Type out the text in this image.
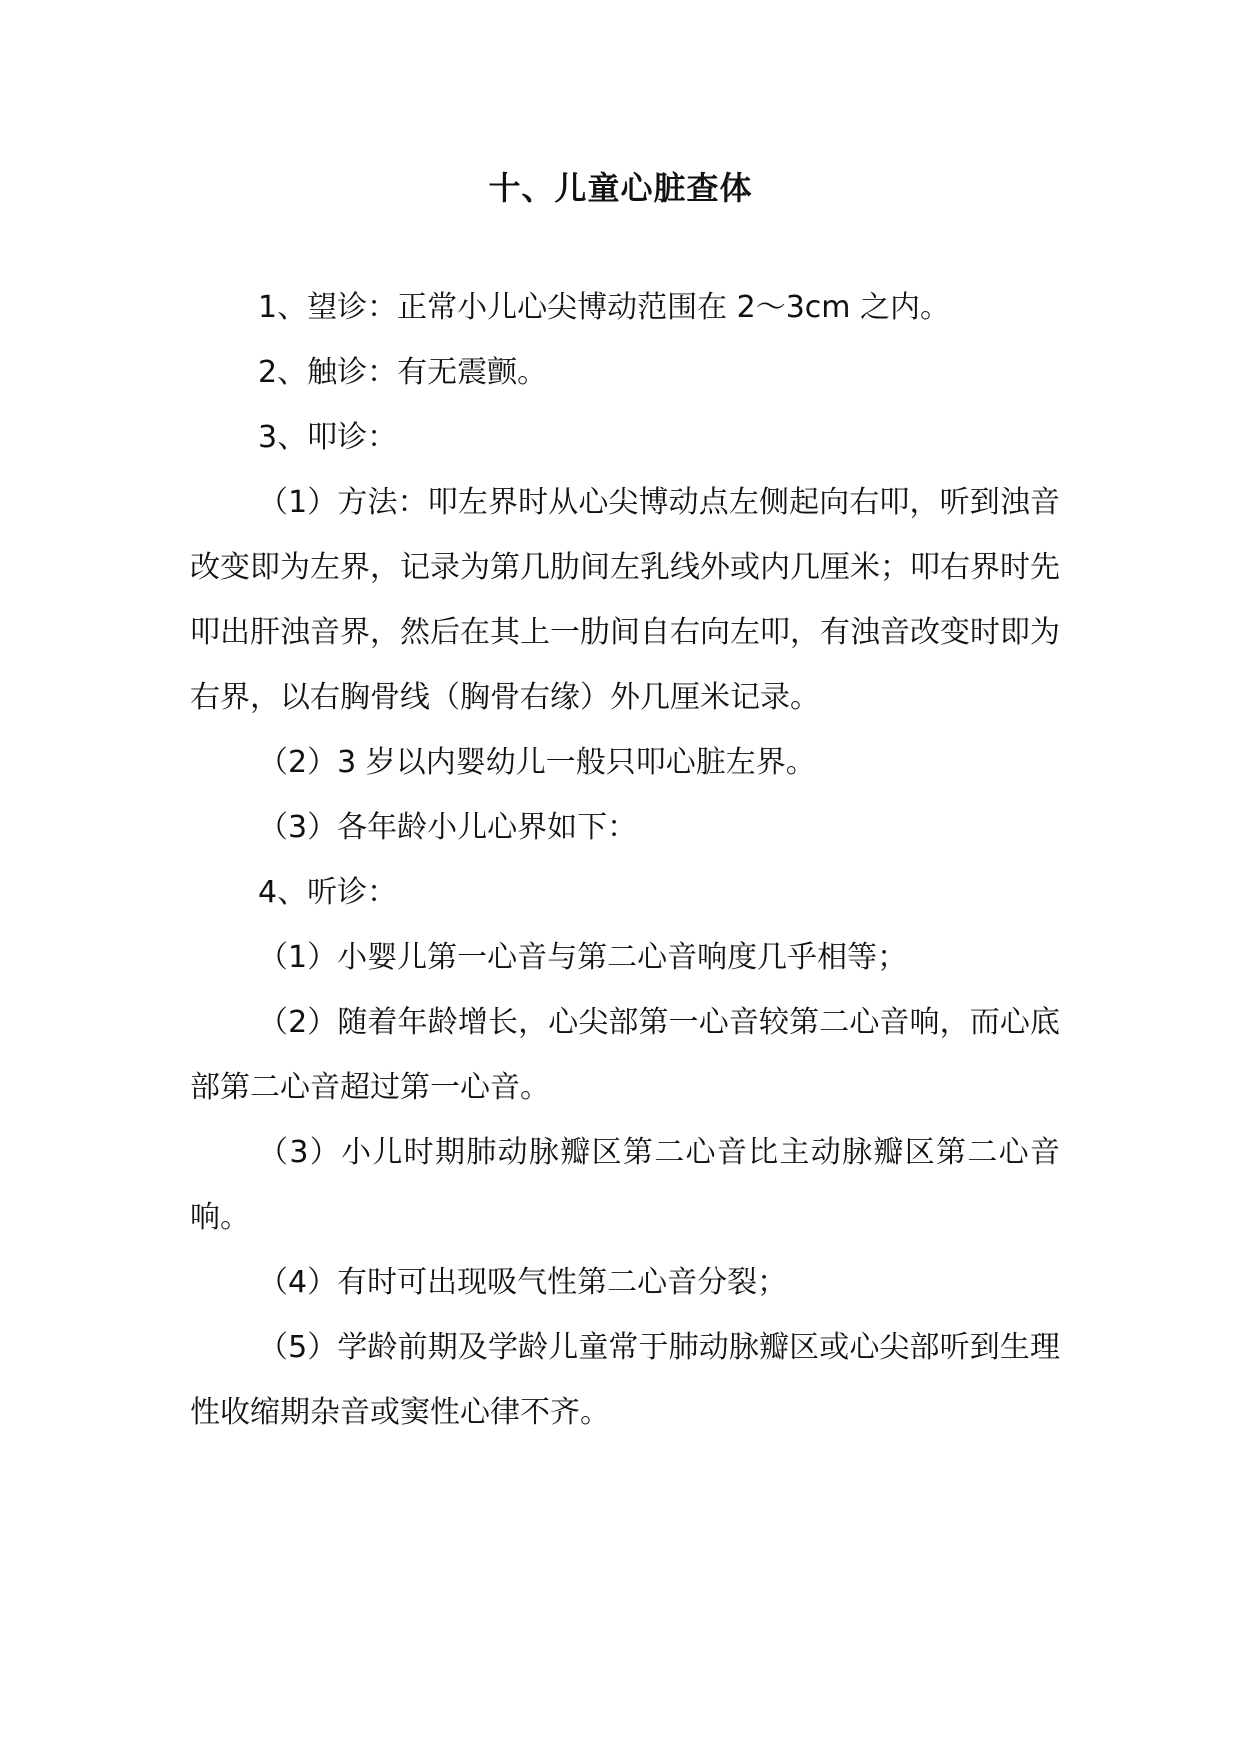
十、儿童心脏查体

1、望诊：正常小儿心尖博动范围在 2～3cm 之内。

2、触诊：有无震颤。

3、叩诊：

（1）方法：叩左界时从心尖博动点左侧起向右叩，听到浊音改变即为左界，记录为第几肋间左乳线外或内几厘米；叩右界时先叩出肝浊音界，然后在其上一肋间自右向左叩，有浊音改变时即为右界，以右胸骨线（胸骨右缘）外几厘米记录。

（2）3 岁以内婴幼儿一般只叩心脏左界。

（3）各年龄小儿心界如下：

4、听诊：

（1）小婴儿第一心音与第二心音响度几乎相等；

（2）随着年龄增长，心尖部第一心音较第二心音响，而心底部第二心音超过第一心音。

（3）小儿时期肺动脉瓣区第二心音比主动脉瓣区第二心音响。

（4）有时可出现吸气性第二心音分裂；

（5）学龄前期及学龄儿童常于肺动脉瓣区或心尖部听到生理性收缩期杂音或窦性心律不齐。
